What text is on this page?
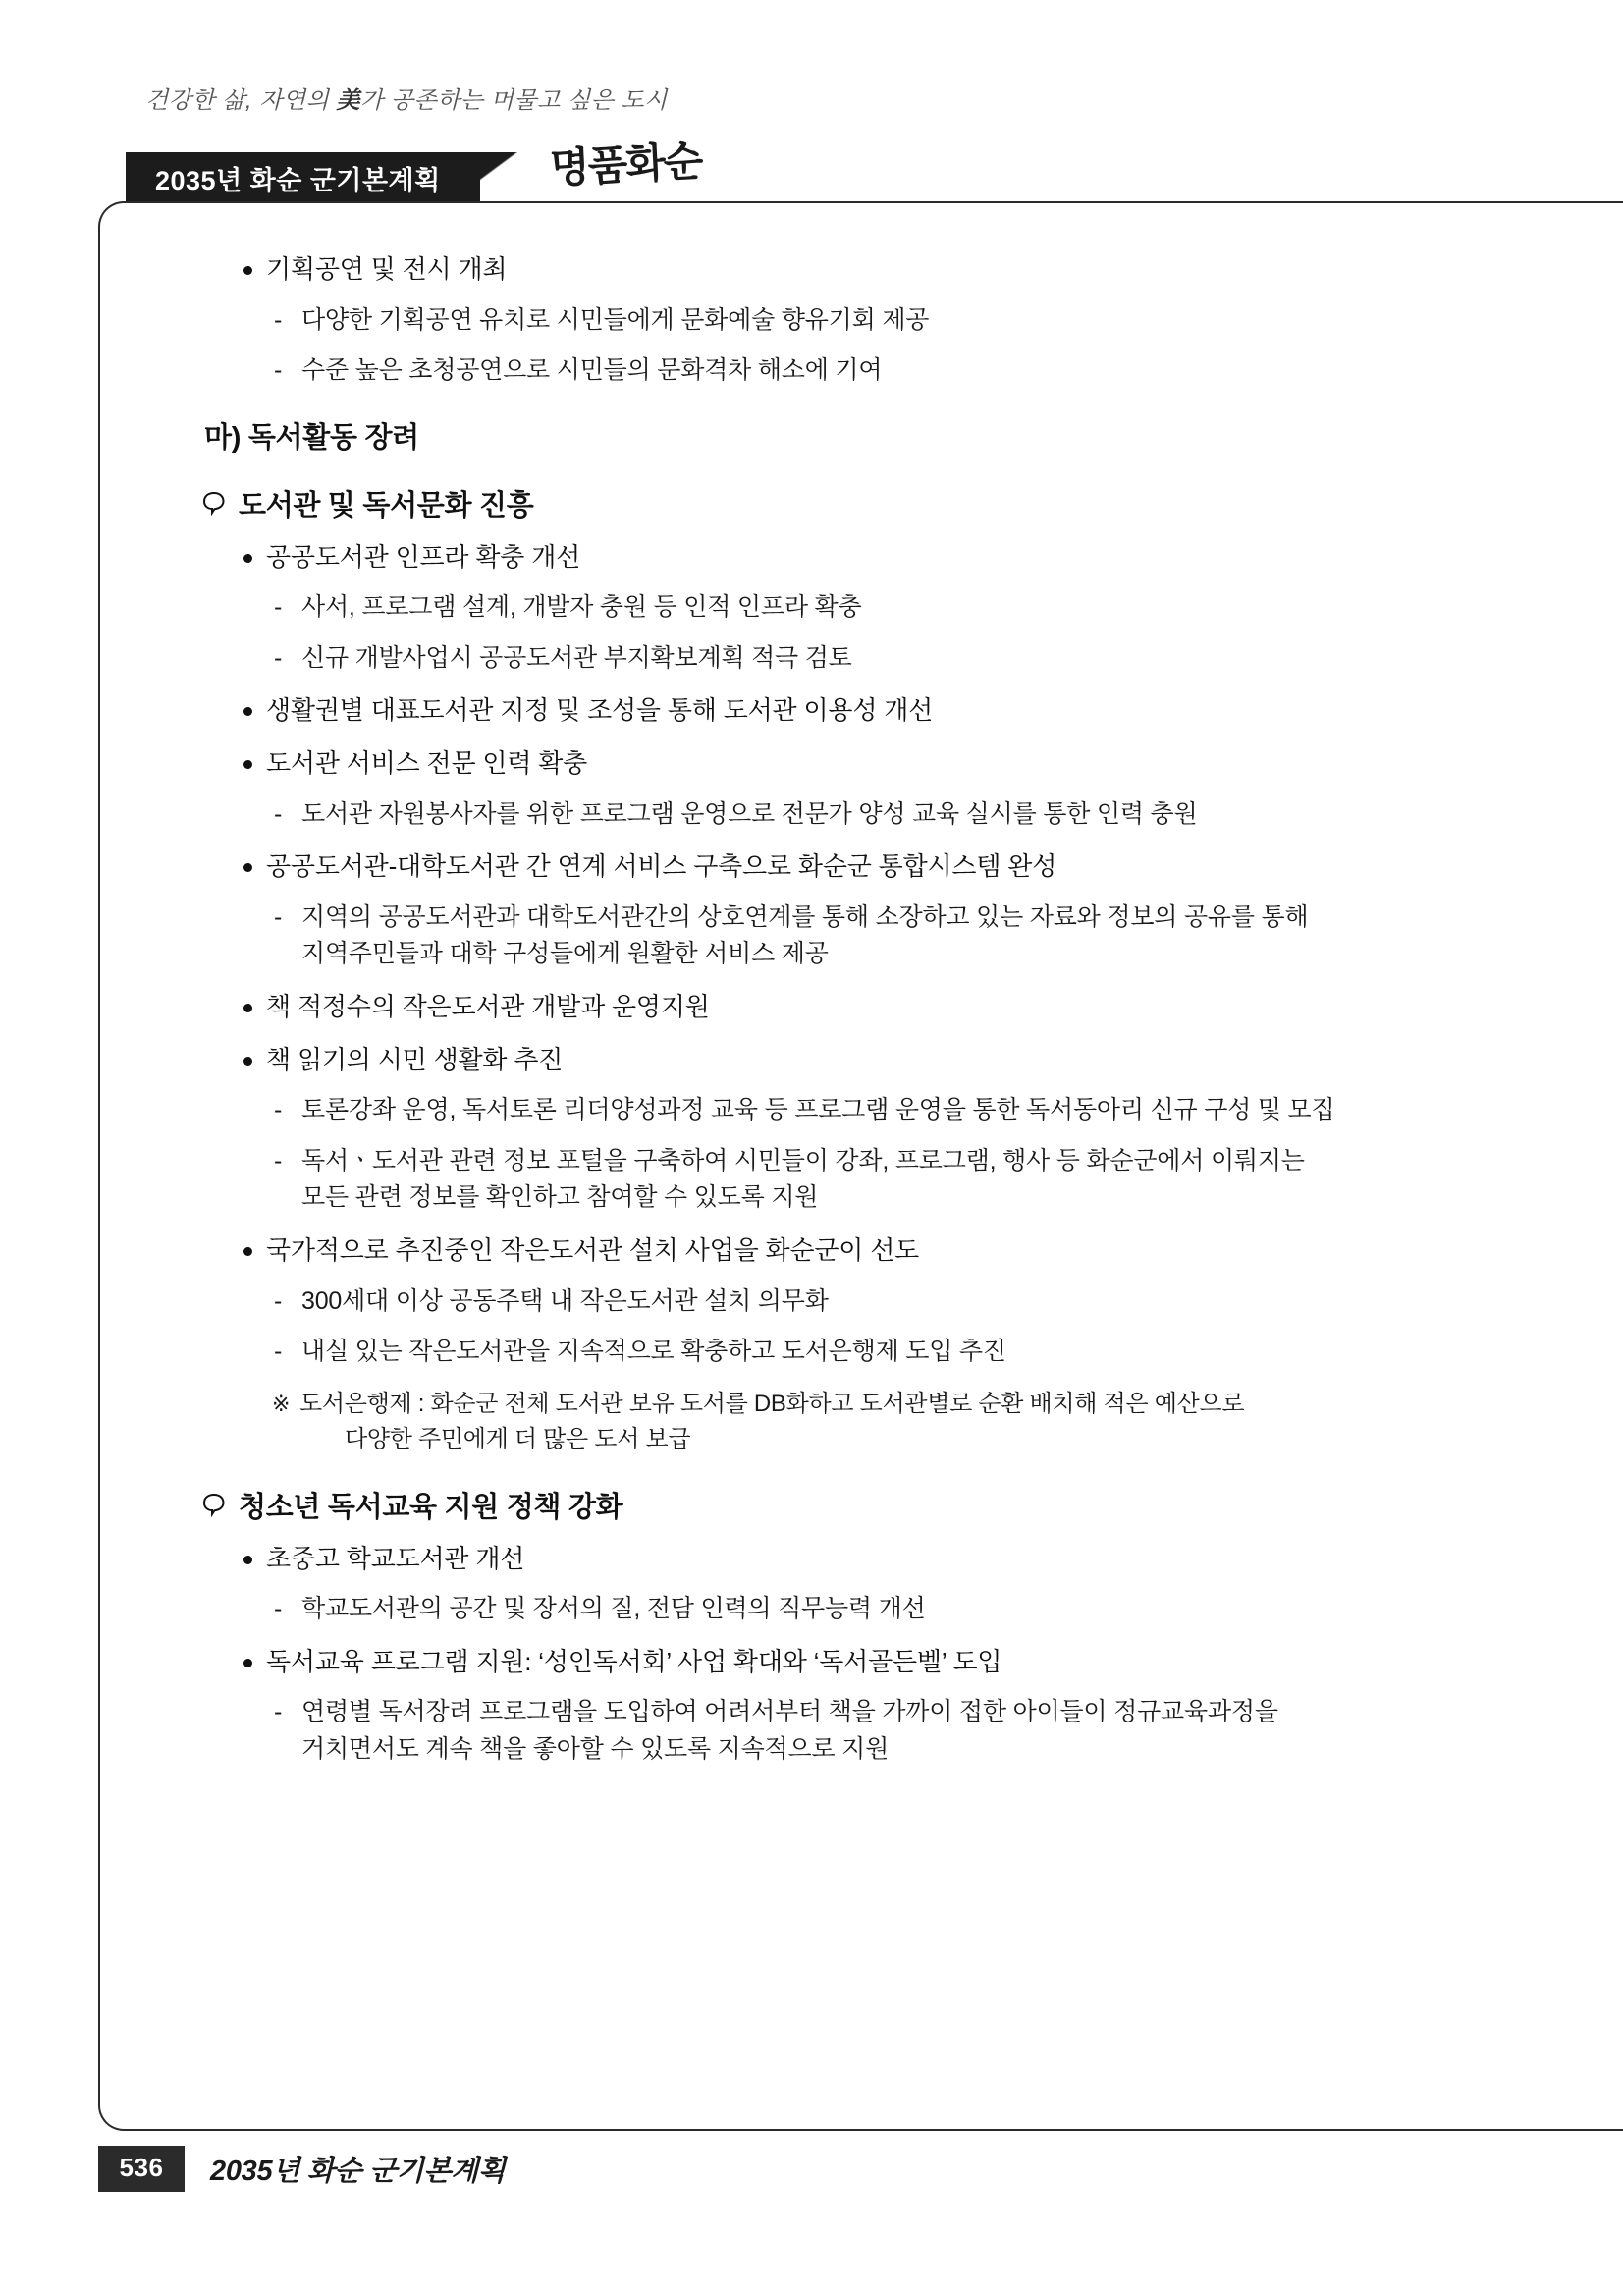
건강한 삶, 자연의 美가 공존하는 머물고 싶은 도시
2035년 화순 군기본계획	명품화순
기획공연 및 전시 개최
- 다양한 기획공연 유치로 시민들에게 문화예술 향유기회 제공
- 수준 높은 초청공연으로 시민들의 문화격차 해소에 기여
마) 독서활동 장려
도서관 및 독서문화 진흥
공공도서관 인프라 확충 개선
- 사서, 프로그램 설계, 개발자 충원 등 인적 인프라 확충
- 신규 개발사업시 공공도서관 부지확보계획 적극 검토
생활권별 대표도서관 지정 및 조성을 통해 도서관 이용성 개선
도서관 서비스 전문 인력 확충
- 도서관 자원봉사자를 위한 프로그램 운영으로 전문가 양성 교육 실시를 통한 인력 충원
공공도서관-대학도서관 간 연계 서비스 구축으로 화순군 통합시스템 완성
- 지역의 공공도서관과 대학도서관간의 상호연계를 통해 소장하고 있는 자료와 정보의 공유를 통해
지역주민들과 대학 구성들에게 원활한 서비스 제공
책 적정수의 작은도서관 개발과 운영지원
책 읽기의 시민 생활화 추진
- 토론강좌 운영, 독서토론 리더양성과정 교육 등 프로그램 운영을 통한 독서동아리 신규 구성 및 모집
- 독서ㆍ도서관 관련 정보 포털을 구축하여 시민들이 강좌, 프로그램, 행사 등 화순군에서 이뤄지는
모든 관련 정보를 확인하고 참여할 수 있도록 지원
국가적으로 추진중인 작은도서관 설치 사업을 화순군이 선도
- 300세대 이상 공동주택 내 작은도서관 설치 의무화
- 내실 있는 작은도서관을 지속적으로 확충하고 도서은행제 도입 추진
※ 도서은행제 : 화순군 전체 도서관 보유 도서를 DB화하고 도서관별로 순환 배치해 적은 예산으로
다양한 주민에게 더 많은 도서 보급
청소년 독서교육 지원 정책 강화
초중고 학교도서관 개선
- 학교도서관의 공간 및 장서의 질, 전담 인력의 직무능력 개선
독서교육 프로그램 지원: ‘성인독서회’ 사업 확대와 ‘독서골든벨’ 도입
- 연령별 독서장려 프로그램을 도입하여 어려서부터 책을 가까이 접한 아이들이 정규교육과정을
거치면서도 계속 책을 좋아할 수 있도록 지속적으로 지원
536	2035년 화순 군기본계획
